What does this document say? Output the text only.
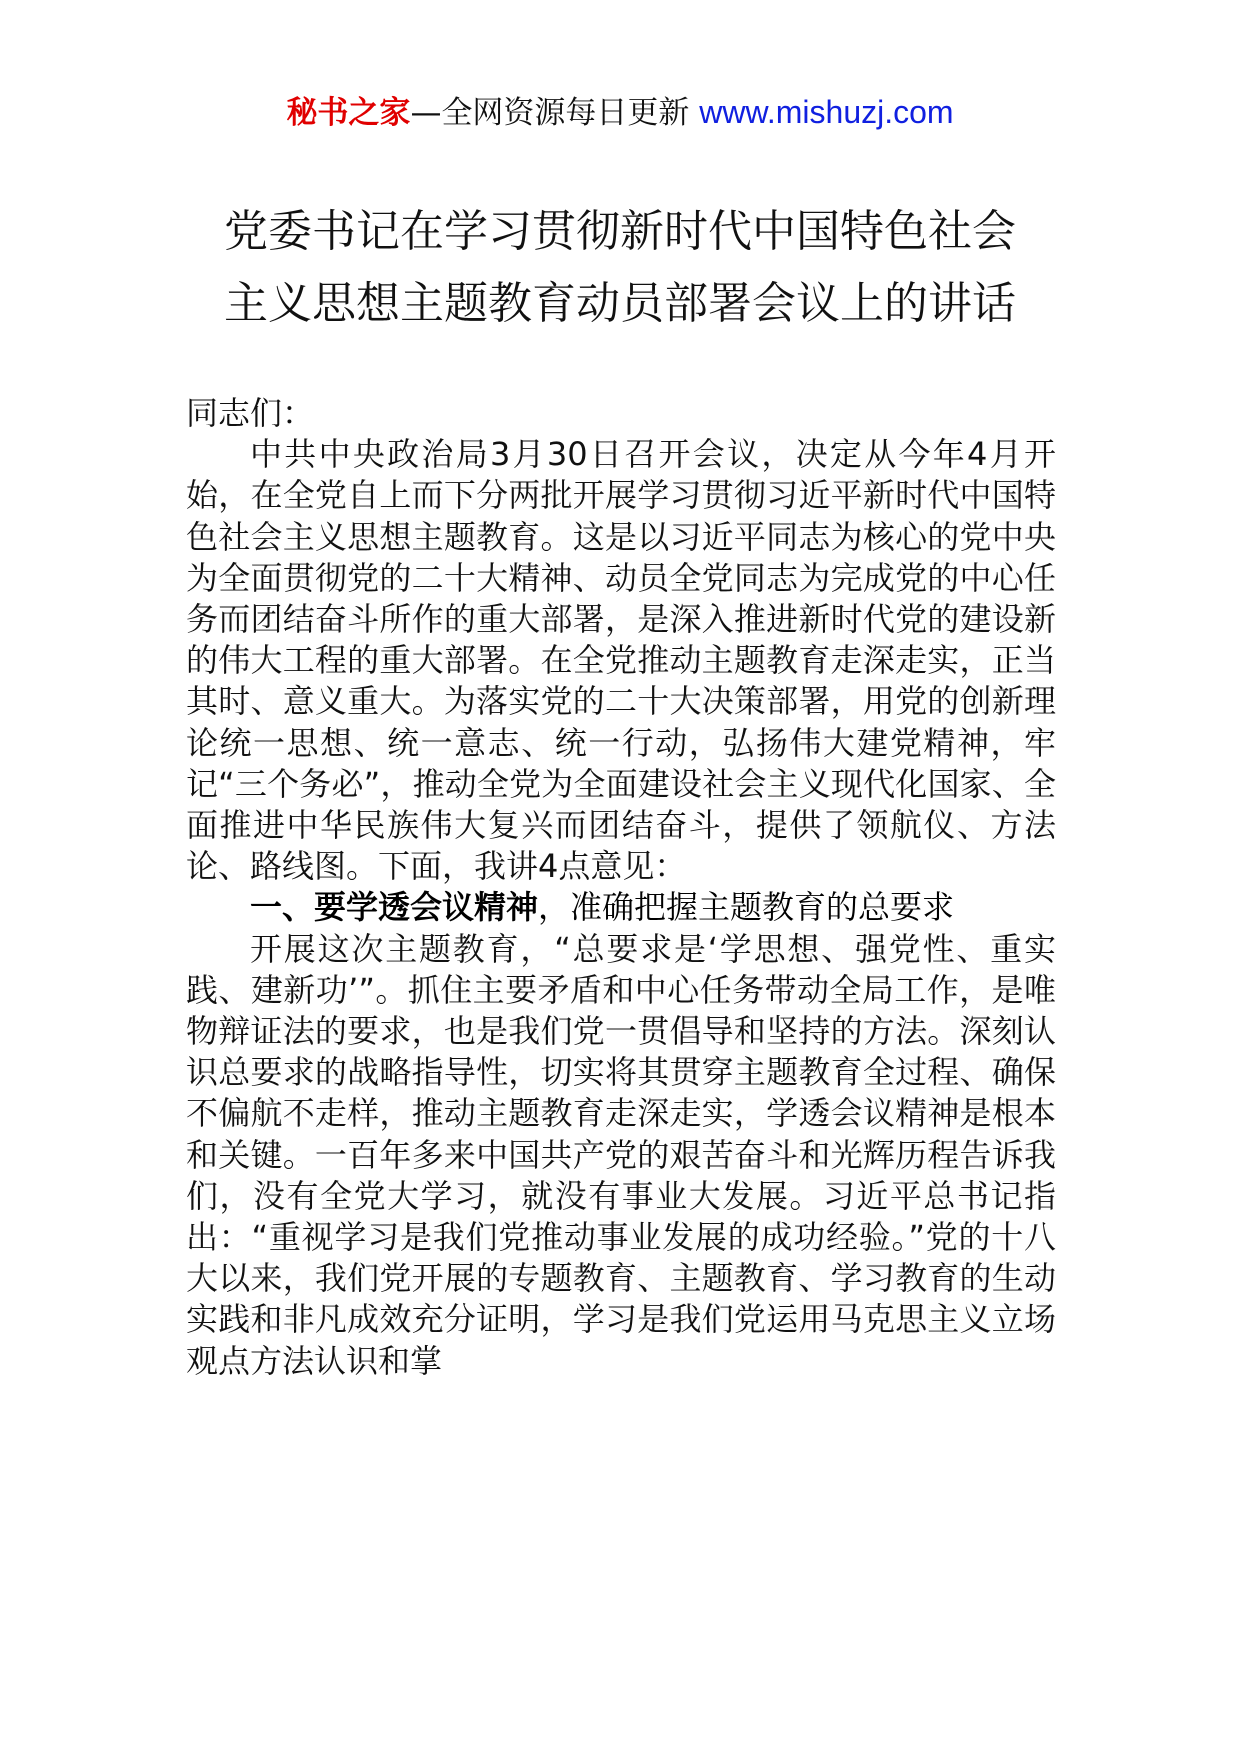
秘书之家—全网资源每日更新 www.mishuzj.com
党委书记在学习贯彻新时代中国特色社会
主义思想主题教育动员部署会议上的讲话
同志们：

中共中央政治局3月30日召开会议，决定从今年4月开始，在全党自上而下分两批开展学习贯彻习近平新时代中国特色社会主义思想主题教育。这是以习近平同志为核心的党中央为全面贯彻党的二十大精神、动员全党同志为完成党的中心任务而团结奋斗所作的重大部署，是深入推进新时代党的建设新的伟大工程的重大部署。在全党推动主题教育走深走实，正当其时、意义重大。为落实党的二十大决策部署，用党的创新理论统一思想、统一意志、统一行动，弘扬伟大建党精神，牢记“三个务必”，推动全党为全面建设社会主义现代化国家、全面推进中华民族伟大复兴而团结奋斗，提供了领航仪、方法论、路线图。下面，我讲4点意见：

一、要学透会议精神，准确把握主题教育的总要求

开展这次主题教育，“总要求是‘学思想、强党性、重实践、建新功’”。抓住主要矛盾和中心任务带动全局工作，是唯物辩证法的要求，也是我们党一贯倡导和坚持的方法。深刻认识总要求的战略指导性，切实将其贯穿主题教育全过程、确保不偏航不走样，推动主题教育走深走实，学透会议精神是根本和关键。一百年多来中国共产党的艰苦奋斗和光辉历程告诉我们，没有全党大学习，就没有事业大发展。习近平总书记指出：“重视学习是我们党推动事业发展的成功经验。”党的十八大以来，我们党开展的专题教育、主题教育、学习教育的生动实践和非凡成效充分证明，学习是我们党运用马克思主义立场观点方法认识和掌
